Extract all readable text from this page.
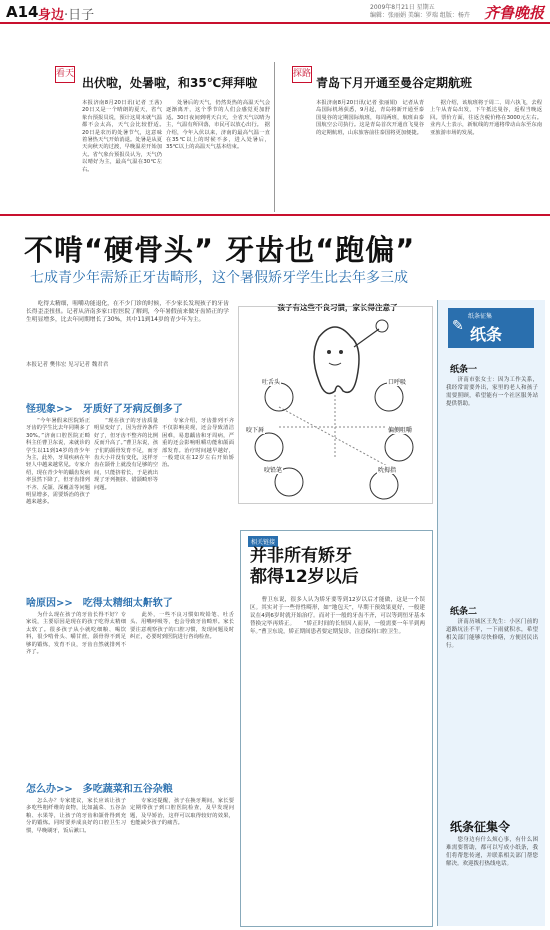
A14 身边·日子
2009年8月21日 星期五
编辑：张丽娟 美编：罗瑞 组版：杨卉 齐鲁晚报
看天
出伏啦，处暑啦，和35℃拜拜啦
本报济南8月20日讯(记者 王茜)　20日又是一个晴朗的夏天，省气象台预报员说，预计这周末就气温都不会太高，天气会比较舒适。　20日是农历的处暑节气，这意味着暑热天气开始消退。处暑是从夏天向秋天的过渡，早晚温差开始加大。省气象台预报员认为，天气仍以晴好为主，最高气温在30℃左右。
　　处暑后的天气，仍然炎热的高温天气会逐渐离开，这个季节的人们会感觉更加舒适。30日夜间到明天白天，全省天气以晴为主，气温有所回落，市民可以放心出行。　据介绍，今年入伏以来，济南的最高气温一直在35℃以上的时候不多，进入处暑后，35℃以上的高温天气基本结束。
探路
青岛下月开通至曼谷定期航班
本报济南8月20日讯(记者 张丽娟)　记者从青岛国际机场获悉，9月起，青岛将新开通至泰国曼谷的定期国际航班，每周两班，航班由泰国航空公司执行。这是青岛首次开通直飞曼谷的定期航班，山东旅客前往泰国将更加便捷。
　　据介绍，该航班将于周二、周六执飞，去程上午从青岛出发，下午抵达曼谷，返程当晚返回。票价方面，往返含税价格在3000元左右。业内人士表示，新航线的开通将带动山东至东南亚旅游市场的发展。
不啃“硬骨头” 牙齿也“跑偏”
七成青少年需矫正牙齿畸形，这个暑假矫牙学生比去年多三成
　　吃得太精细，咀嚼功能退化，在不少门诊的时候，不少家长发现孩子的牙齿长得歪歪扭扭。记者从济南多家口腔医院了解到，今年暑假前来做牙齿矫正的学生明显增多，比去年同期增长了30%，其中11到14岁的青少年为主。
本报记者 樊伟宏 见习记者 魏君君
怪现象>>　牙质好了牙病反倒多了
　　“今年暑假来医院矫正牙齿的学生比去年同期多了30%。”济南口腔医院正畸科主任曹卫东说，来就诊的学生以11到14岁的青少年为主，此外，牙周疾病在年轻人中越来越常见。专家介绍，现在青少年的龋齿发病率虽然下降了，但牙齿排列不齐、反颌、深覆盖等问题明显增多，需要矫治的孩子越来越多。
　　“现在孩子的牙齿质量明显变好了，因为营养条件好了，但牙齿不整齐的比例反而升高了。”曹卫东说，孩子们的颌骨发育不足，而牙齿大小并没有变化，这样牙齿在颌骨上就没有足够的空间，只能挤着长，于是就出现了牙列拥挤、错颌畸形等问题。
　　专家介绍，牙齿排列不齐不仅影响美观，还会导致清洁困难，易患龋齿和牙周病，严重的还会影响咀嚼功能和颌面部发育。治疗时间越早越好，一般建议在12岁左右开始矫治。
啥原因>>　吃得太精细太鼾软了
　　为什么现在孩子的牙齿长得不好？专家说，主要原因是现在的孩子吃得太精细太软了。很多孩子从小就吃细粮、喝饮料，很少啃骨头、嚼甘蔗，颌骨得不到足够的锻炼，发育不良，牙齿自然就排列不齐了。
　　此外，一些不良习惯如咬铅笔、吐舌头、用嘴呼吸等，也会导致牙齿畸形。家长要注意观察孩子的口腔习惯，发现问题及时纠正，必要时到医院进行咨询检查。
怎么办>>　多吃蔬菜和五谷杂粮
　　怎么办？专家建议，家长应该让孩子多吃些粗纤维的食物，比如蔬菜、五谷杂粮、水果等，让孩子的牙齿和颌骨得到充分的锻炼。同时要养成良好的口腔卫生习惯，早晚刷牙，饭后漱口。
　　专家还提醒，孩子在换牙期间，家长要定期带孩子到口腔医院检查，及早发现问题，及早矫治，这样可以取得较好的效果，也能减少孩子的痛苦。
孩子有这些不良习惯，家长得注意了
吐舌头
咬下唇	偏侧咀嚼
咬铅笔	吮拇指
口呼吸
相关链接
并非所有矫牙
都得12岁以后
　　曹卫东说，很多人认为矫牙要等到12岁以后才能做，这是一个误区。其实对于一些骨性畸形，如“地包天”，早期干预效果更好，一般建议在4到6岁时就开始治疗。而对于一般的牙齿不齐，可以等到恒牙基本替换完毕再矫正。　　“矫正时间的长短因人而异，一般需要一年半到两年。”曹卫东说，矫正期间患者要定期复诊，注意保持口腔卫生。
✎
纸条征集
纸条
纸条一
　　济南市张女士：因为工作关系，我经常需要外出，家里的老人和孩子需要照顾，希望能有一个社区服务站提供帮助。
纸条二
　　济南历城区王先生：小区门前的道路坑洼不平，一下雨就积水，希望相关部门能够尽快修缮，方便居民出行。
纸条征集令
　　您身边有什么烦心事，有什么困难需要帮助，都可以写成小纸条，我们将帮您传递，并联系相关部门帮您解决。欢迎拨打热线电话。
